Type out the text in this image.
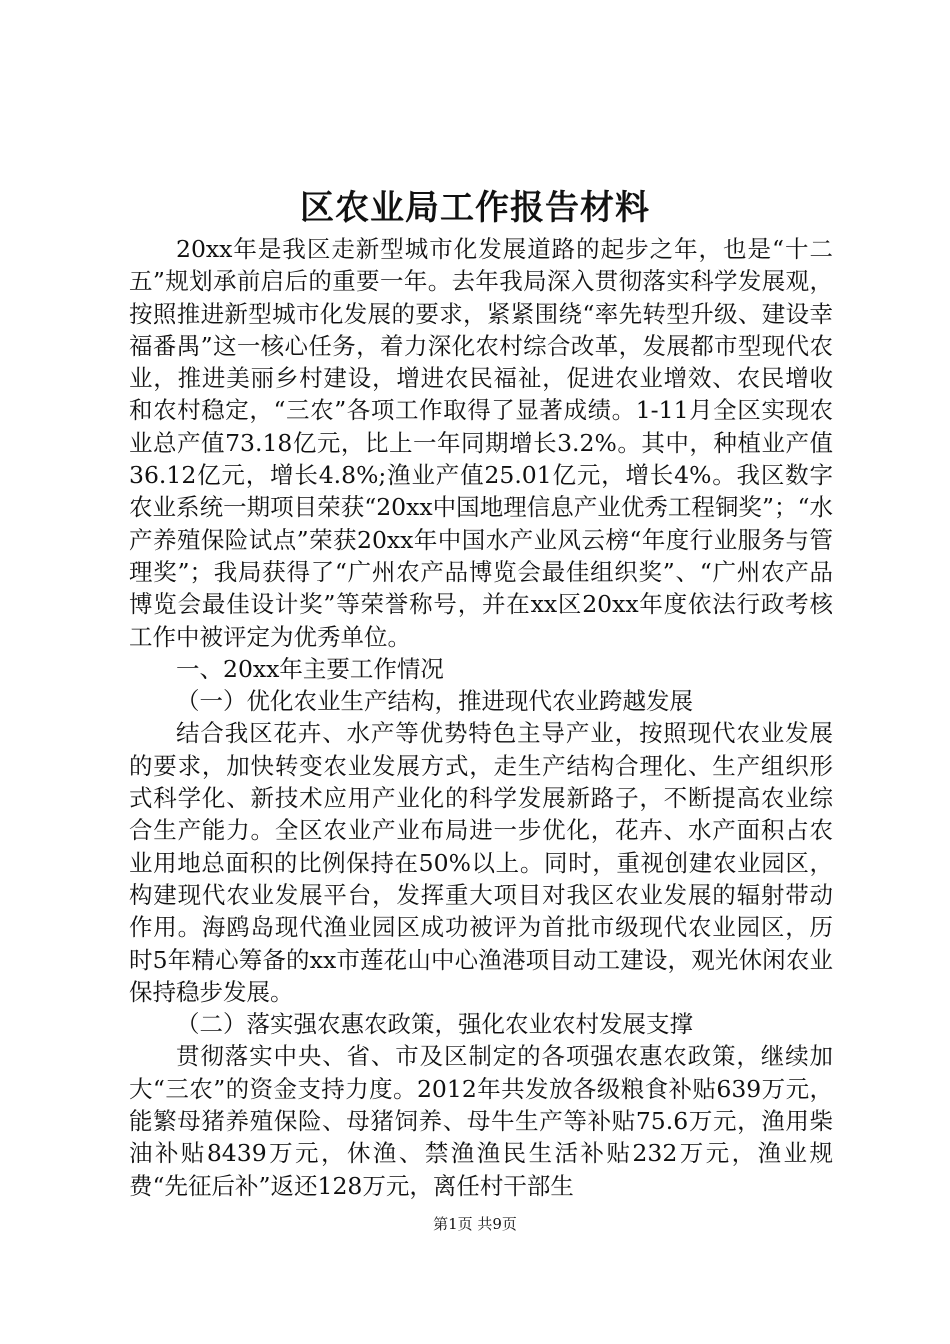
区农业局工作报告材料

20xx年是我区走新型城市化发展道路的起步之年，也是“十二五”规划承前启后的重要一年。去年我局深入贯彻落实科学发展观，按照推进新型城市化发展的要求，紧紧围绕“率先转型升级、建设幸福番禺”这一核心任务，着力深化农村综合改革，发展都市型现代农业，推进美丽乡村建设，增进农民福祉，促进农业增效、农民增收和农村稳定，“三农”各项工作取得了显著成绩。1-11月全区实现农业总产值73.18亿元，比上一年同期增长3.2%。其中，种植业产值36.12亿元，增长4.8%;渔业产值25.01亿元，增长4%。我区数字农业系统一期项目荣获“20xx中国地理信息产业优秀工程铜奖”；“水产养殖保险试点”荣获20xx年中国水产业风云榜“年度行业服务与管理奖”；我局获得了“广州农产品博览会最佳组织奖”、“广州农产品博览会最佳设计奖”等荣誉称号，并在xx区20xx年度依法行政考核工作中被评定为优秀单位。

一、20xx年主要工作情况

（一）优化农业生产结构，推进现代农业跨越发展

结合我区花卉、水产等优势特色主导产业，按照现代农业发展的要求，加快转变农业发展方式，走生产结构合理化、生产组织形式科学化、新技术应用产业化的科学发展新路子，不断提高农业综合生产能力。全区农业产业布局进一步优化，花卉、水产面积占农业用地总面积的比例保持在50%以上。同时，重视创建农业园区，构建现代农业发展平台，发挥重大项目对我区农业发展的辐射带动作用。海鸥岛现代渔业园区成功被评为首批市级现代农业园区，历时5年精心筹备的xx市莲花山中心渔港项目动工建设，观光休闲农业保持稳步发展。

（二）落实强农惠农政策，强化农业农村发展支撑

贯彻落实中央、省、市及区制定的各项强农惠农政策，继续加大“三农”的资金支持力度。2012年共发放各级粮食补贴639万元，能繁母猪养殖保险、母猪饲养、母牛生产等补贴75.6万元，渔用柴油补贴8439万元，休渔、禁渔渔民生活补贴232万元，渔业规费“先征后补”返还128万元，离任村干部生

第1页 共9页
